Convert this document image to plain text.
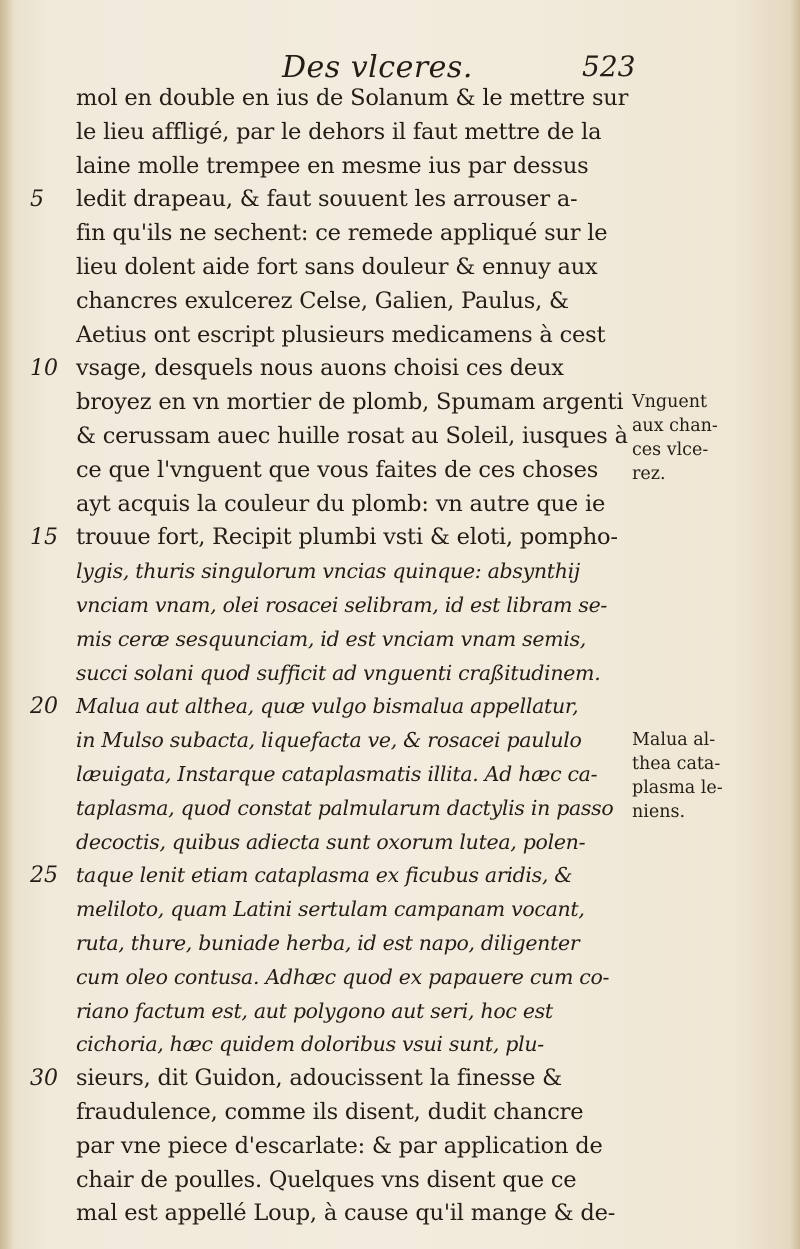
Des vlceres.	523
mol en double en ius de Solanum & le mettre sur
le lieu affligé, par le dehors il faut mettre de la
laine molle trempee en mesme ius par dessus
ledit drapeau, & faut souuent les arrouser a-
fin qu'ils ne sechent: ce remede appliqué sur le
lieu dolent aide fort sans douleur & ennuy aux
chancres exulcerez Celse, Galien, Paulus, &
Aetius ont escript plusieurs medicamens à cest
vsage, desquels nous auons choisi ces deux
broyez en vn mortier de plomb, Spumam argenti
& cerussam auec huille rosat au Soleil, iusques à
ce que l'vnguent que vous faites de ces choses
ayt acquis la couleur du plomb: vn autre que ie
trouue fort, Recipit plumbi vsti & eloti, pompho-
lygis, thuris singulorum vncias quinque: absynthij
vnciam vnam, olei rosacei selibram, id est libram se-
mis ceræ sesquunciam, id est vnciam vnam semis,
succi solani quod sufficit ad vnguenti craßitudinem.
Malua aut althea, quæ vulgo bismalua appellatur,
in Mulso subacta, liquefacta ve, & rosacei paululo
læuigata, Instarque cataplasmatis illita. Ad hæc ca-
taplasma, quod constat palmularum dactylis in passo
decoctis, quibus adiecta sunt oxorum lutea, polen-
taque lenit etiam cataplasma ex ficubus aridis, &
meliloto, quam Latini sertulam campanam vocant,
ruta, thure, buniade herba, id est napo, diligenter
cum oleo contusa. Adhæc quod ex papauere cum co-
riano factum est, aut polygono aut seri, hoc est
cichoria, hæc quidem doloribus vsui sunt, plu-
sieurs, dit Guidon, adoucissent la finesse &
fraudulence, comme ils disent, dudit chancre
par vne piece d'escarlate: & par application de
chair de poulles. Quelques vns disent que ce
mal est appellé Loup, à cause qu'il mange & de-
5
10
15
20
25
30
Vnguent
aux chan-
ces vlce-
rez.
Malua al-
thea cata-
plasma le-
niens.
